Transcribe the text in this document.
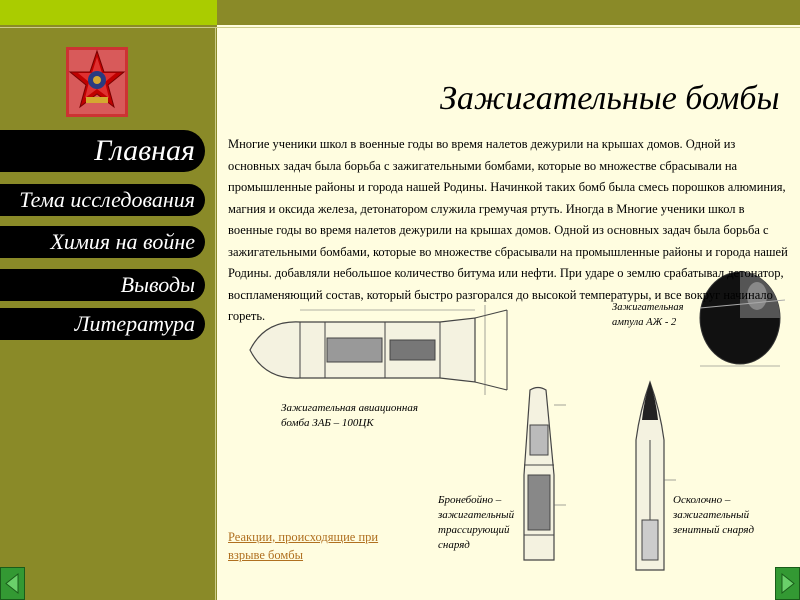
Главная
Тема исследования
Химия на войне
Выводы
Литература
Зажигательные бомбы
Зажигательная авиационная бомба ЗАБ – 100ЦК
Зажигательная ампула АЖ - 2
Бронебойно – зажигательный трассирующий снаряд
Осколочно – зажигательный зенитный снаряд
Многие ученики школ в военные годы во время налетов дежурили на крышах домов. Одной из основных задач была борьба с зажигательными бомбами, которые во множестве сбрасывали на промышленные районы и города нашей Родины. Начинкой таких бомб была смесь порошков алюминия, магния и оксида железа, детонатором служила гремучая ртуть. Иногда в Многие ученики школ в военные годы во время налетов дежурили на крышах домов. Одной из основных задач была борьба с зажигательными бомбами, которые во множестве сбрасывали на промышленные районы и города нашей Родины. добавляли небольшое количество битума или нефти. При ударе о землю срабатывал детонатор, воспламеняющий состав, который быстро разгорался до высокой температуры, и все вокруг начинало гореть.
Реакции, происходящие при взрыве бомбы
